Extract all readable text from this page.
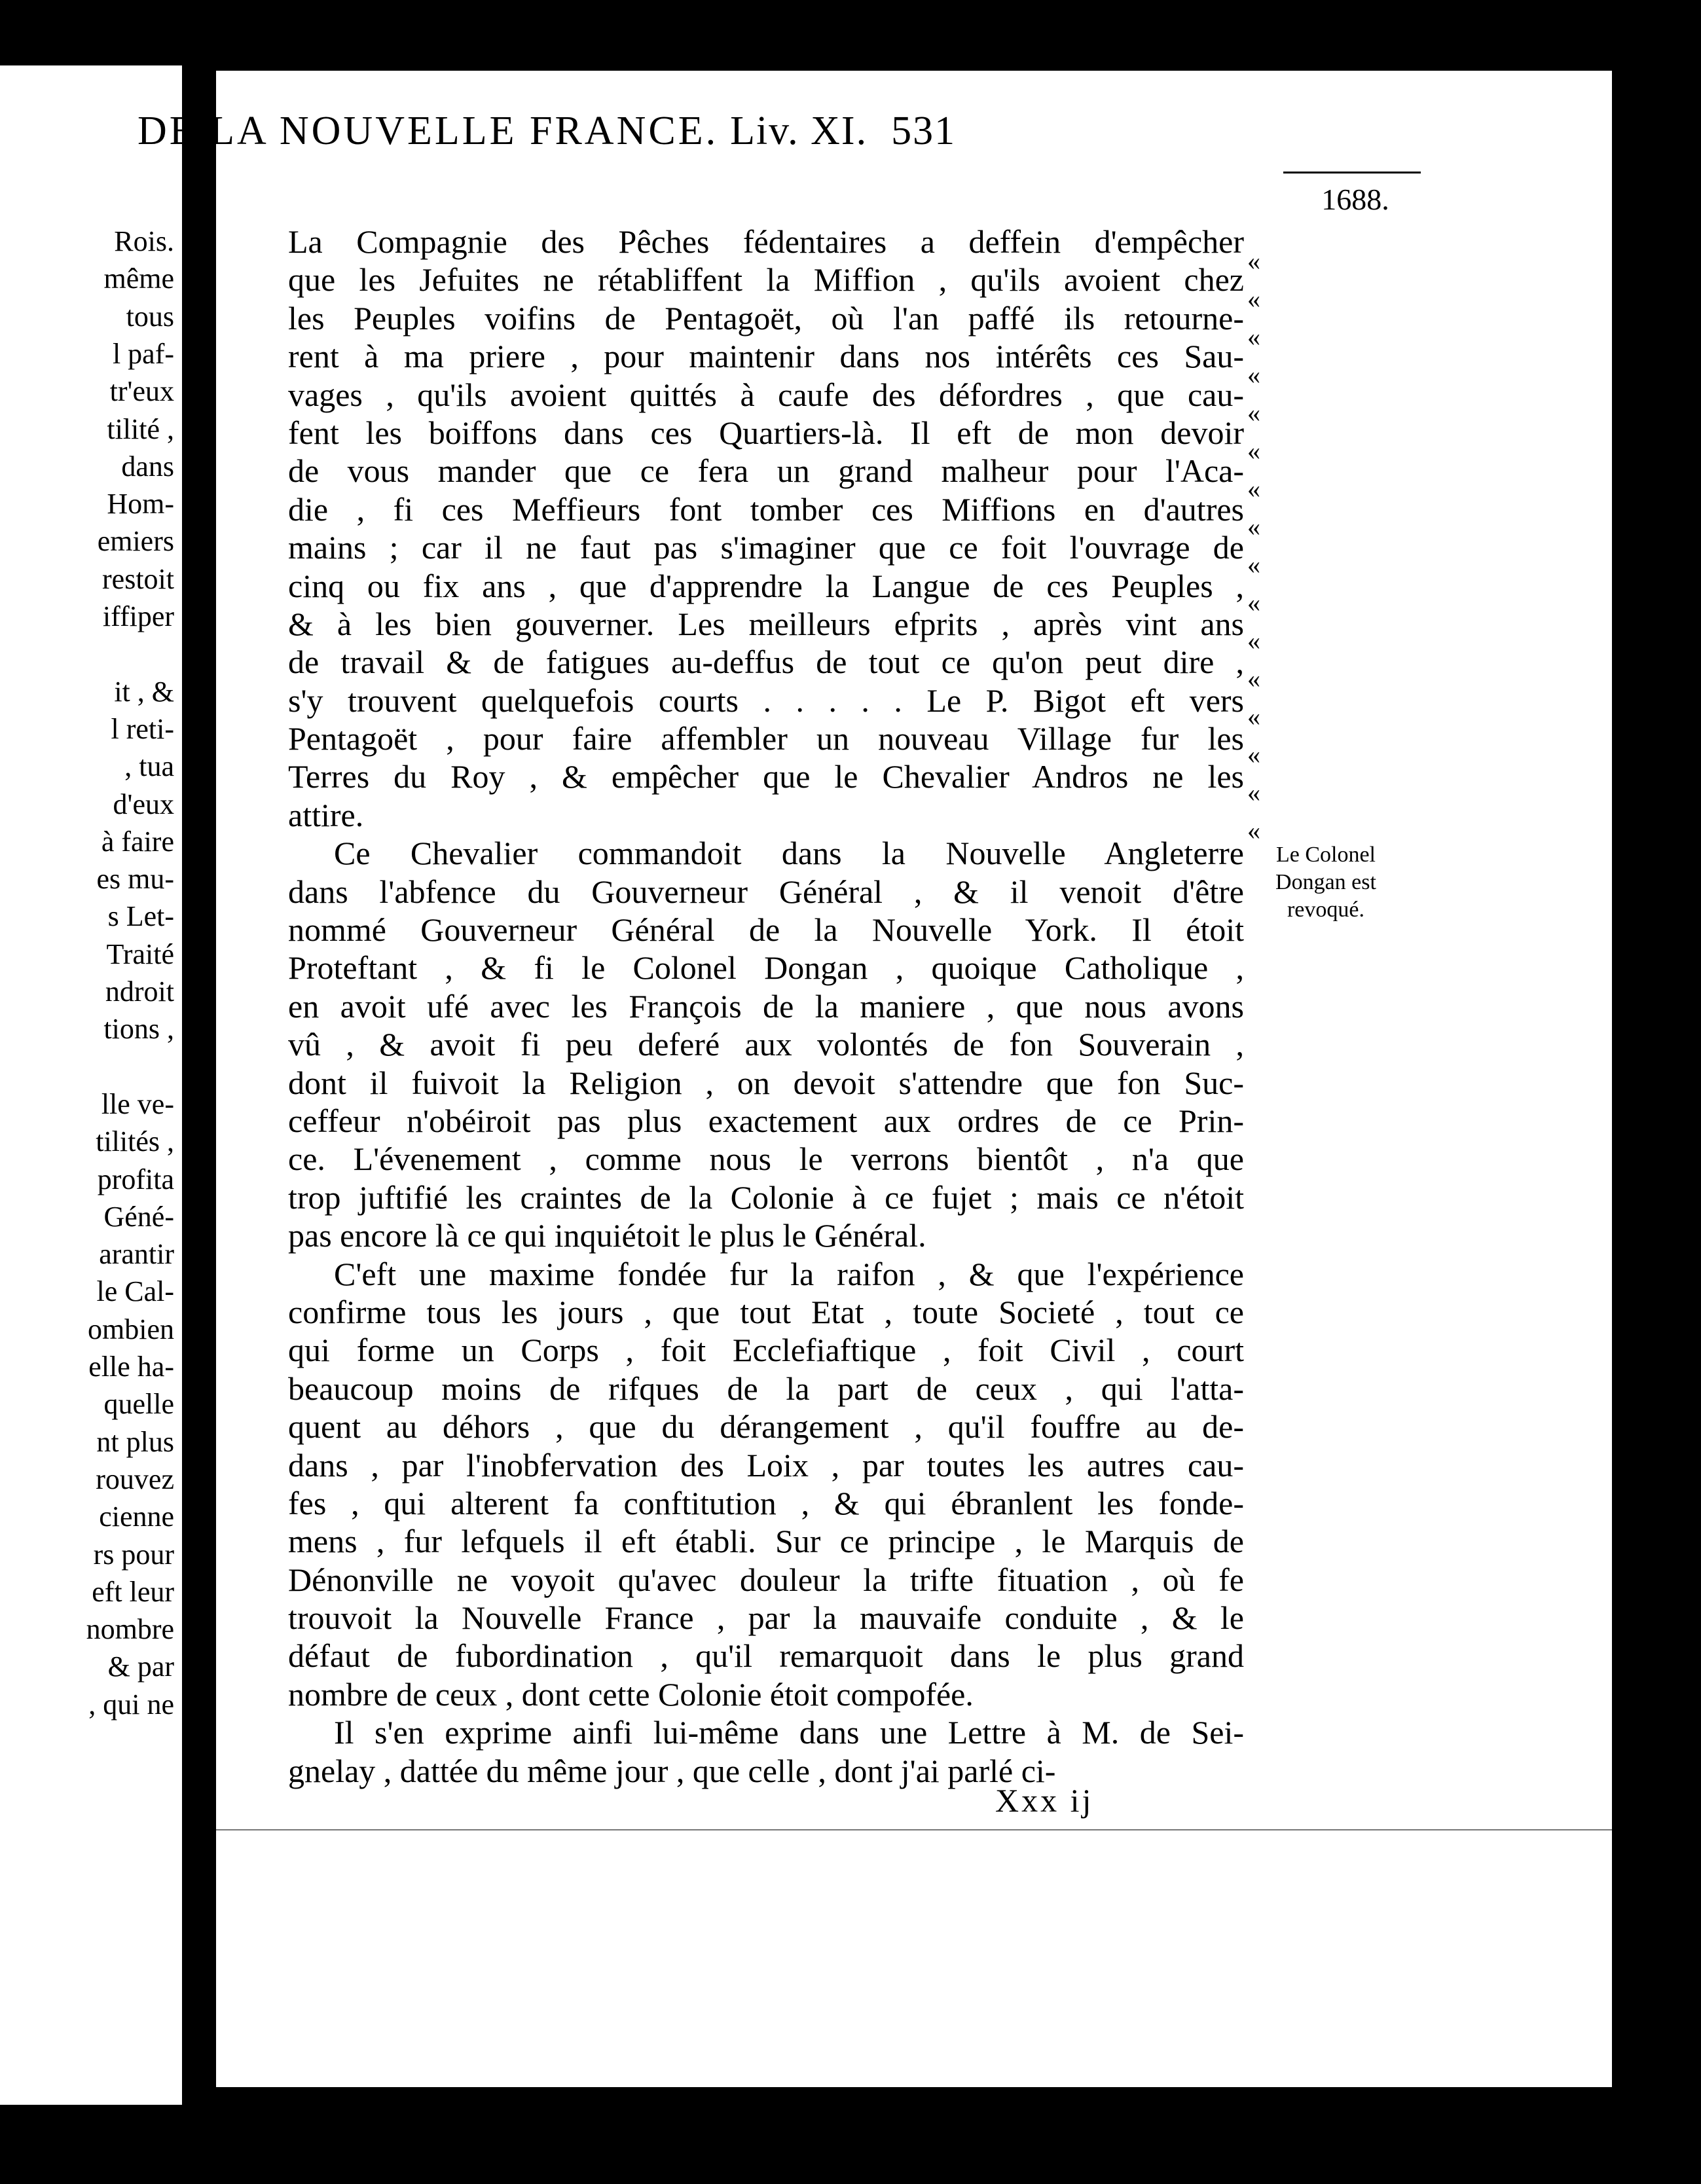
Rois.
même
tous
l paf-
tr'eux
tilité ,
dans
Hom-
emiers
restoit
iffiper
it , &
l reti-
, tua
d'eux
à faire
es mu-
s Let-
Traité
ndroit
tions ,
lle ve-
tilités ,
profita
Géné-
arantir
le Cal-
ombien
elle ha-
quelle
nt plus
rouvez
cienne
rs pour
eft leur
nombre
& par
, qui ne
DE LA NOUVELLE FRANCE. Liv. XI. 531
1688.
«
«
«
«
«
«
«
«
«
«
«
«
«
«
«
«
Le Colonel
Dongan est
revoqué.
La Compagnie des Pêches fédentaires a deffein d'empêcher
que les Jefuites ne rétabliffent la Miffion , qu'ils avoient chez
les Peuples voifins de Pentagoët, où l'an paffé ils retourne-
rent à ma priere , pour maintenir dans nos intérêts ces Sau-
vages , qu'ils avoient quittés à caufe des défordres , que cau-
fent les boiffons dans ces Quartiers-là. Il eft de mon devoir
de vous mander que ce fera un grand malheur pour l'Aca-
die , fi ces Meffieurs font tomber ces Miffions en d'autres
mains ; car il ne faut pas s'imaginer que ce foit l'ouvrage de
cinq ou fix ans , que d'apprendre la Langue de ces Peuples ,
& à les bien gouverner. Les meilleurs efprits , après vint ans
de travail & de fatigues au-deffus de tout ce qu'on peut dire ,
s'y trouvent quelquefois courts . . . . . Le P. Bigot eft vers
Pentagoët , pour faire affembler un nouveau Village fur les
Terres du Roy , & empêcher que le Chevalier Andros ne les
attire.
Ce Chevalier commandoit dans la Nouvelle Angleterre
dans l'abfence du Gouverneur Général , & il venoit d'être
nommé Gouverneur Général de la Nouvelle York. Il étoit
Proteftant , & fi le Colonel Dongan , quoique Catholique ,
en avoit ufé avec les François de la maniere , que nous avons
vû , & avoit fi peu deferé aux volontés de fon Souverain ,
dont il fuivoit la Religion , on devoit s'attendre que fon Suc-
ceffeur n'obéiroit pas plus exactement aux ordres de ce Prin-
ce. L'évenement , comme nous le verrons bientôt , n'a que
trop juftifié les craintes de la Colonie à ce fujet ; mais ce n'étoit
pas encore là ce qui inquiétoit le plus le Général.
C'eft une maxime fondée fur la raifon , & que l'expérience
confirme tous les jours , que tout Etat , toute Societé , tout ce
qui forme un Corps , foit Ecclefiaftique , foit Civil , court
beaucoup moins de rifques de la part de ceux , qui l'atta-
quent au déhors , que du dérangement , qu'il fouffre au de-
dans , par l'inobfervation des Loix , par toutes les autres cau-
fes , qui alterent fa conftitution , & qui ébranlent les fonde-
mens , fur lefquels il eft établi. Sur ce principe , le Marquis de
Dénonville ne voyoit qu'avec douleur la trifte fituation , où fe
trouvoit la Nouvelle France , par la mauvaife conduite , & le
défaut de fubordination , qu'il remarquoit dans le plus grand
nombre de ceux , dont cette Colonie étoit compofée.
Il s'en exprime ainfi lui-même dans une Lettre à M. de Sei-
gnelay , dattée du même jour , que celle , dont j'ai parlé ci-
Xxx ij
